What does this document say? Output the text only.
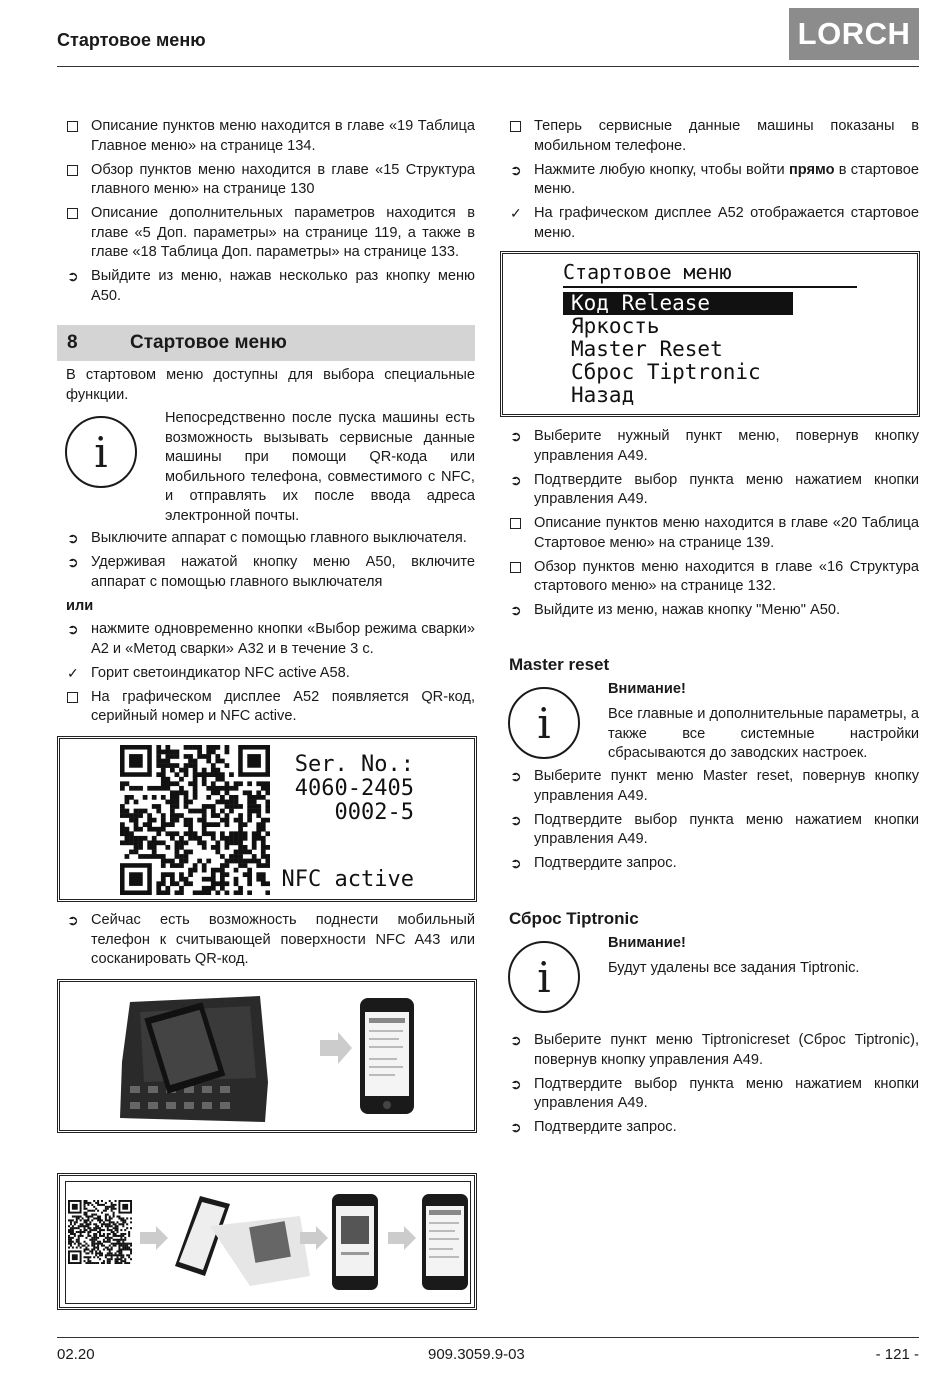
Стартовое меню	LORCH
Описание пунктов меню находится в главе «19 Таблица Главное меню» на странице 134.
Обзор пунктов меню находится в главе «15 Структура главного меню» на странице 130
Описание дополнительных параметров находится в главе «5 Доп. параметры» на странице 119, а также в главе «18 Таблица Доп. параметры» на странице 133.
➲ Выйдите из меню, нажав несколько раз кнопку меню A50.
8	Стартовое меню
В стартовом меню доступны для выбора специальные функции.
i
Непосредственно после пуска машины есть возможность вызывать сервисные данные машины при помощи QR-кода или мобильного телефона, совместимого с NFC, и отправлять их после ввода адреса электронной почты.
➲ Выключите аппарат с помощью главного выключателя.
➲ Удерживая нажатой кнопку меню A50, включите аппарат с помощью главного выключателя
или
➲ нажмите одновременно кнопки «Выбор режима сварки» A2 и «Метод сварки» A32 и в течение 3 с.
✓ Горит светоиндикатор NFC active A58.
На графическом дисплее A52 появляется QR-код, серийный номер и NFC active.
Ser. No.:
4060-2405
0002-5
NFC active
➲ Сейчас есть возможность поднести мобильный телефон к считывающей поверхности NFC A43 или сосканировать QR-код.
Теперь сервисные данные машины показаны в мобильном телефоне.
➲ Нажмите любую кнопку, чтобы войти прямо в стартовое меню.
✓ На графическом дисплее A52 отображается стартовое меню.
Стартовое меню
Код Release
Яркость
Master Reset
Сброс Tiptronic
Назад
➲ Выберите нужный пункт меню, повернув кнопку управления A49.
➲ Подтвердите выбор пункта меню нажатием кнопки управления A49.
Описание пунктов меню находится в главе «20 Таблица Стартовое меню» на странице 139.
Обзор пунктов меню находится в главе «16 Структура стартового меню» на странице 132.
➲ Выйдите из меню, нажав кнопку "Меню" A50.
Master reset
i
Внимание!
Все главные и дополнительные параметры, а также все системные настройки сбрасываются до заводских настроек.
➲ Выберите пункт меню Master reset, повернув кнопку управления A49.
➲ Подтвердите выбор пункта меню нажатием кнопки управления A49.
➲ Подтвердите запрос.
Сброс Tiptronic
i
Внимание!
Будут удалены все задания Tiptronic.
➲ Выберите пункт меню Tiptronicreset (Сброс Tiptronic), повернув кнопку управления A49.
➲ Подтвердите выбор пункта меню нажатием кнопки управления A49.
➲ Подтвердите запрос.
02.20	909.3059.9-03	- 121 -
